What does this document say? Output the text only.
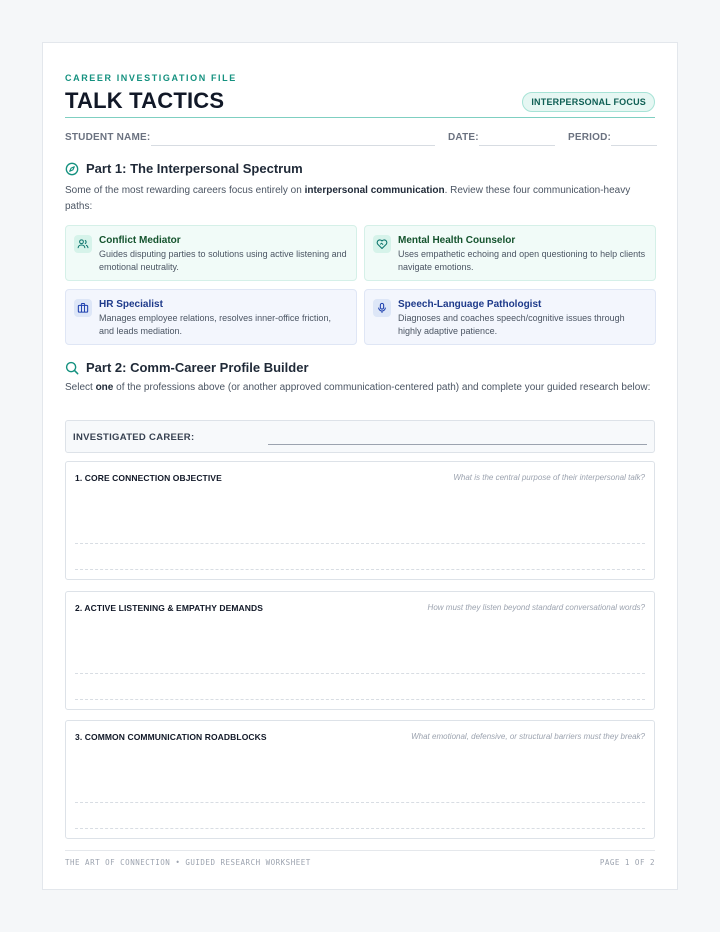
CAREER INVESTIGATION FILE
TALK TACTICS	INTERPERSONAL FOCUS
STUDENT NAME:	DATE:	PERIOD:
Part 1: The Interpersonal Spectrum

Some of the most rewarding careers focus entirely on interpersonal communication. Review these four communication-heavy paths:

Conflict Mediator
Guides disputing parties to solutions using active listening and emotional neutrality.
Mental Health Counselor
Uses empathetic echoing and open questioning to help clients navigate emotions.
HR Specialist
Manages employee relations, resolves inner-office friction, and leads mediation.
Speech-Language Pathologist
Diagnoses and coaches speech/cognitive issues through highly adaptive patience.
Part 2: Comm-Career Profile Builder

Select one of the professions above (or another approved communication-centered path) and complete your guided research below:

INVESTIGATED CAREER:
1. CORE CONNECTION OBJECTIVE	What is the central purpose of their interpersonal talk?
2. ACTIVE LISTENING & EMPATHY DEMANDS	How must they listen beyond standard conversational words?
3. COMMON COMMUNICATION ROADBLOCKS	What emotional, defensive, or structural barriers must they break?
THE ART OF CONNECTION • GUIDED RESEARCH WORKSHEET	PAGE 1 OF 2
